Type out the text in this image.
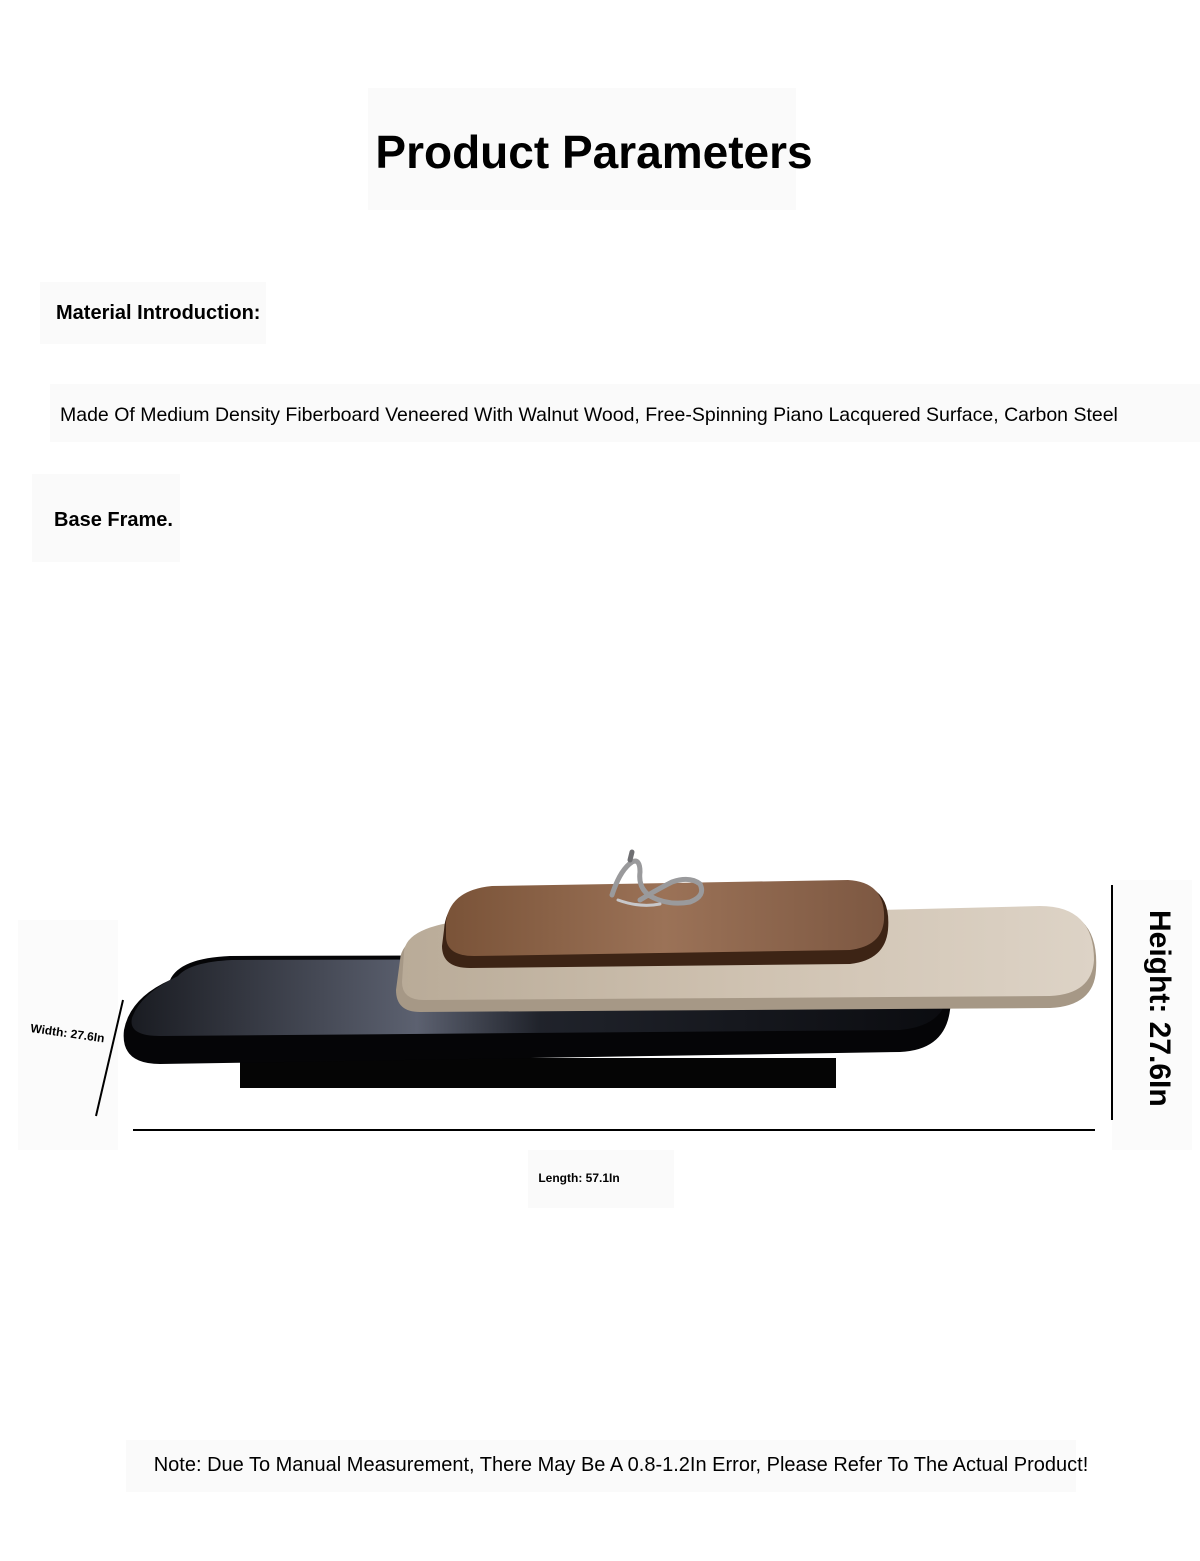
Product Parameters
Material Introduction:
Made Of Medium Density Fiberboard Veneered With Walnut Wood, Free-Spinning Piano Lacquered Surface, Carbon Steel
Base Frame.
Width: 27.6In
Length: 57.1In
Height: 27.6In
Note: Due To Manual Measurement, There May Be A 0.8-1.2In Error, Please Refer To The Actual Product!
